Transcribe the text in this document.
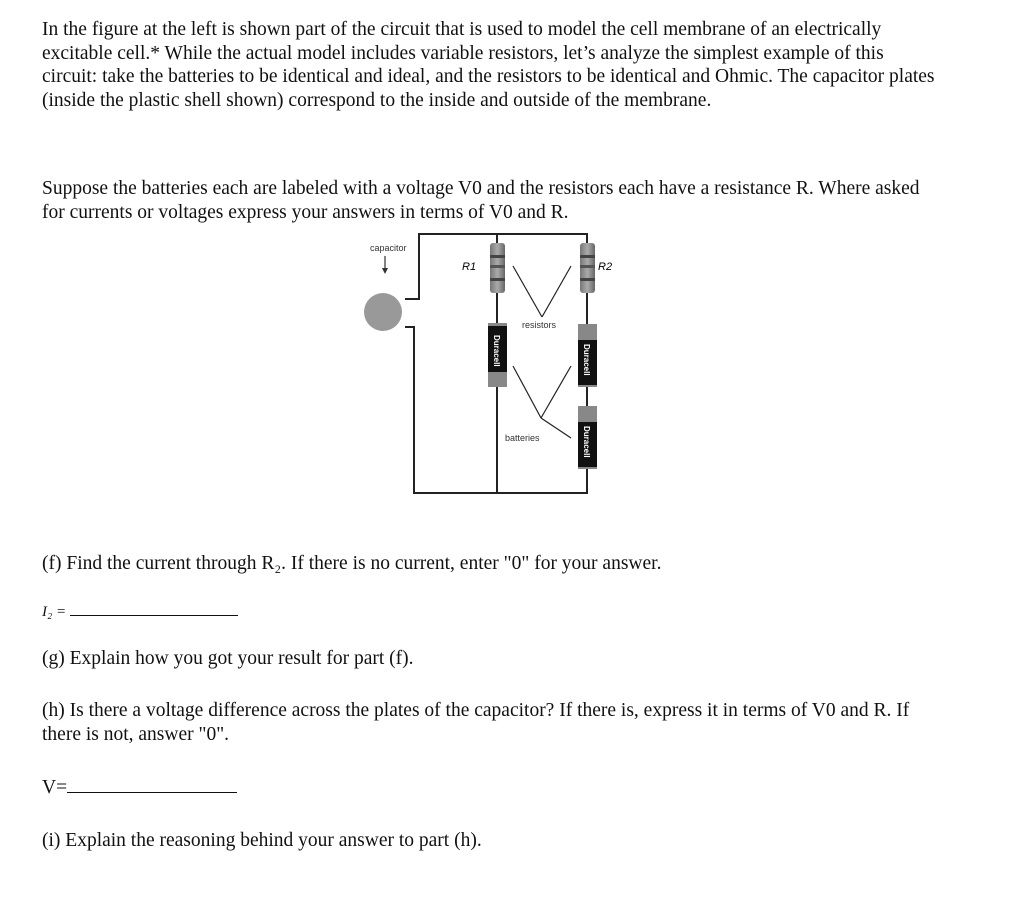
In the figure at the left is shown part of the circuit that is used to model the cell membrane of an electrically excitable cell.* While the actual model includes variable resistors, let’s analyze the simplest example of this circuit: take the batteries to be identical and ideal, and the resistors to be identical and Ohmic. The capacitor plates (inside the plastic shell shown) correspond to the inside and outside of the membrane.

Suppose the batteries each are labeled with a voltage V0 and the resistors each have a resistance R. Where asked for currents or voltages express your answers in terms of V0 and R.

capacitor
R1	R2
Duracell	Duracell
Duracell
resistors
batteries

(f) Find the current through R₂. If there is no current, enter "0" for your answer.

I₂ =

(g) Explain how you got your result for part (f).

(h) Is there a voltage difference across the plates of the capacitor? If there is, express it in terms of V0 and R. If there is not, answer "0".

V=

(i) Explain the reasoning behind your answer to part (h).
